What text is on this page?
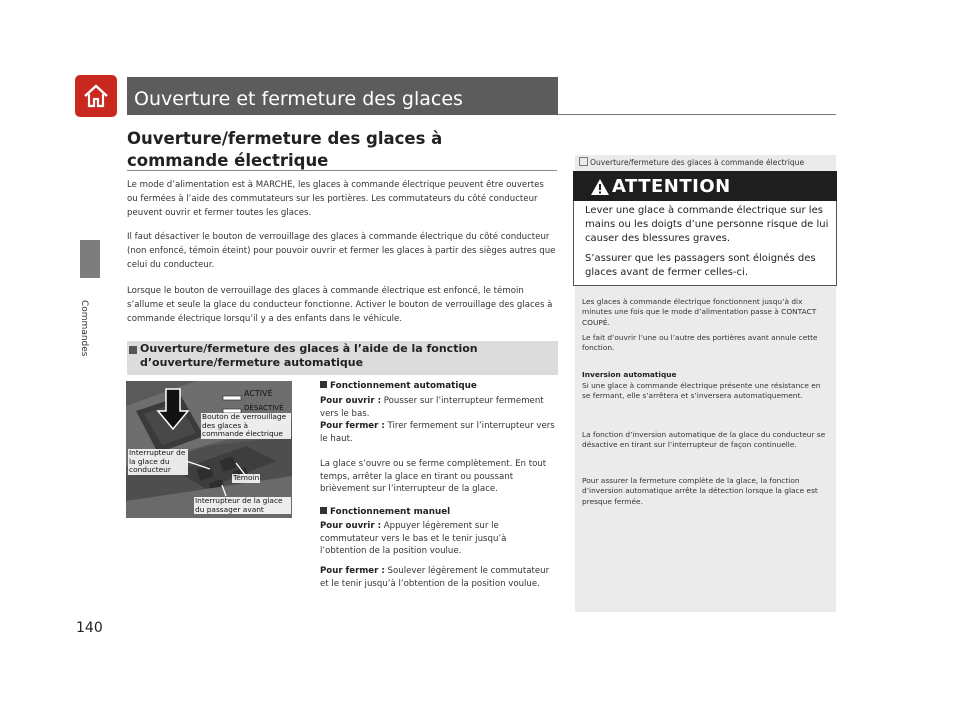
Commandes
140
Ouverture et fermeture des glaces
Ouverture/fermeture des glaces à commande électrique
Le mode d’alimentation est à MARCHE, les glaces à commande électrique peuvent être ouvertes ou fermées à l’aide des commutateurs sur les portières. Les commutateurs du côté conducteur peuvent ouvrir et fermer toutes les glaces.
Il faut désactiver le bouton de verrouillage des glaces à commande électrique du côté conducteur (non enfoncé, témoin éteint) pour pouvoir ouvrir et fermer les glaces à partir des sièges autres que celui du conducteur.
Lorsque le bouton de verrouillage des glaces à commande électrique est enfoncé, le témoin s’allume et seule la glace du conducteur fonctionne. Activer le bouton de verrouillage des glaces à commande électrique lorsqu’il y a des enfants dans le véhicule.
Ouverture/fermeture des glaces à l’aide de la fonction d’ouverture/fermeture automatique
ACTIVÉ
DÉSACTIVÉ
Bouton de verrouillage des glaces à commande électrique
Interrupteur de la glace du conducteur
Témoin
Interrupteur de la glace du passager avant
Fonctionnement automatique
Pour ouvrir : Pousser sur l’interrupteur fermement vers le bas.
Pour fermer : Tirer fermement sur l’interrupteur vers le haut.
La glace s’ouvre ou se ferme complètement. En tout temps, arrêter la glace en tirant ou poussant brièvement sur l’interrupteur de la glace.
Fonctionnement manuel
Pour ouvrir : Appuyer légèrement sur le commutateur vers le bas et le tenir jusqu’à l’obtention de la position voulue.
Pour fermer : Soulever légèrement le commutateur et le tenir jusqu’à l’obtention de la position voulue.
Ouverture/fermeture des glaces à commande électrique
ATTENTION
Lever une glace à commande électrique sur les mains ou les doigts d’une personne risque de lui causer des blessures graves.
S’assurer que les passagers sont éloignés des glaces avant de fermer celles-ci.
Les glaces à commande électrique fonctionnent jusqu’à dix minutes une fois que le mode d’alimentation passe à CONTACT COUPÉ.
Le fait d’ouvrir l’une ou l’autre des portières avant annule cette fonction.
Inversion automatique
Si une glace à commande électrique présente une résistance en se fermant, elle s’arrêtera et s’inversera automatiquement.
La fonction d’inversion automatique de la glace du conducteur se désactive en tirant sur l’interrupteur de façon continuelle.
Pour assurer la fermeture complète de la glace, la fonction d’inversion automatique arrête la détection lorsque la glace est presque fermée.
